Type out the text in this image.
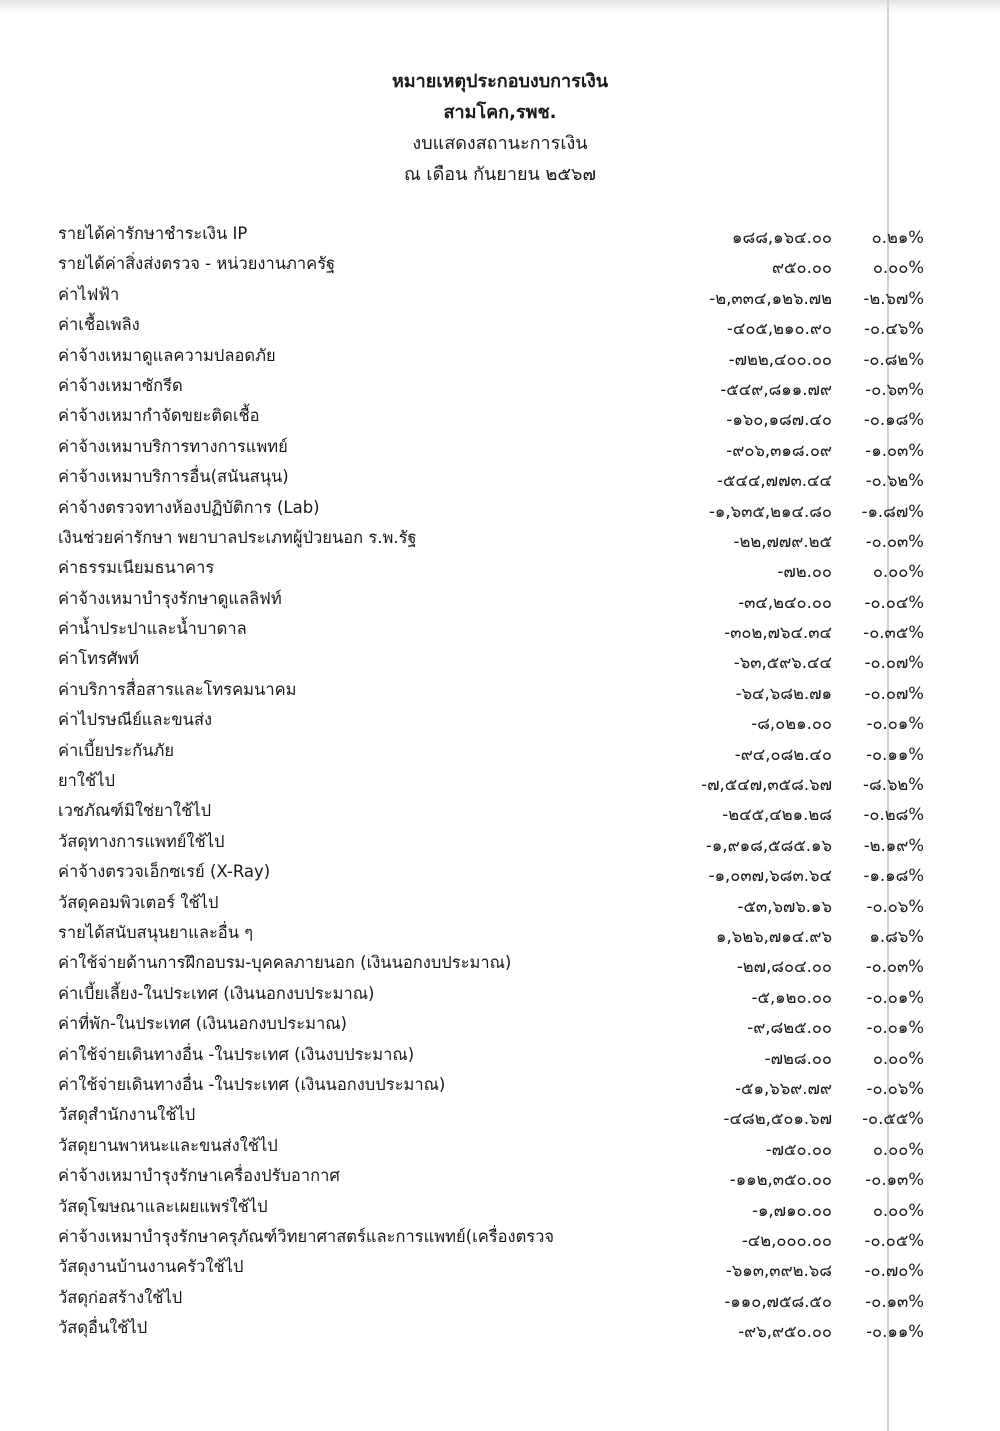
หมายเหตุประกอบงบการเงิน
สามโคก,รพช.
งบแสดงสถานะการเงิน
ณ เดือน กันยายน ๒๕๖๗
รายได้ค่ารักษาชำระเงิน IP	๑๘๘,๑๖๔.๐๐ ๐.๒๑%
รายได้ค่าสิ่งส่งตรวจ - หน่วยงานภาครัฐ	๙๕๐.๐๐ ๐.๐๐%
ค่าไฟฟ้า	-๒,๓๓๔,๑๒๖.๗๒ -๒.๖๗%
ค่าเชื้อเพลิง	-๔๐๕,๒๑๐.๙๐ -๐.๔๖%
ค่าจ้างเหมาดูแลความปลอดภัย	-๗๒๒,๔๐๐.๐๐ -๐.๘๒%
ค่าจ้างเหมาซักรีด	-๕๔๙,๘๑๑.๗๙ -๐.๖๓%
ค่าจ้างเหมากำจัดขยะติดเชื้อ	-๑๖๐,๑๘๗.๔๐ -๐.๑๘%
ค่าจ้างเหมาบริการทางการแพทย์	-๙๐๖,๓๑๘.๐๙ -๑.๐๓%
ค่าจ้างเหมาบริการอื่น(สนันสนุน)	-๕๔๔,๗๗๓.๔๔ -๐.๖๒%
ค่าจ้างตรวจทางห้องปฏิบัติการ (Lab)	-๑,๖๓๕,๒๑๔.๘๐ -๑.๘๗%
เงินช่วยค่ารักษา พยาบาลประเภทผู้ป่วยนอก ร.พ.รัฐ	-๒๒,๗๗๙.๒๕ -๐.๐๓%
ค่าธรรมเนียมธนาคาร	-๗๒.๐๐ ๐.๐๐%
ค่าจ้างเหมาบำรุงรักษาดูแลลิฟท์	-๓๔,๒๔๐.๐๐ -๐.๐๔%
ค่าน้ำประปาและน้ำบาดาล	-๓๐๒,๗๖๔.๓๔ -๐.๓๕%
ค่าโทรศัพท์	-๖๓,๕๙๖.๔๔ -๐.๐๗%
ค่าบริการสื่อสารและโทรคมนาคม	-๖๔,๖๘๒.๗๑ -๐.๐๗%
ค่าไปรษณีย์และขนส่ง	-๘,๐๒๑.๐๐ -๐.๐๑%
ค่าเบี้ยประกันภัย	-๙๔,๐๘๒.๔๐ -๐.๑๑%
ยาใช้ไป	-๗,๕๔๗,๓๕๘.๖๗ -๘.๖๒%
เวชภัณฑ์มิใช่ยาใช้ไป	-๒๔๕,๔๒๑.๒๘ -๐.๒๘%
วัสดุทางการแพทย์ใช้ไป	-๑,๙๑๘,๕๘๕.๑๖ -๒.๑๙%
ค่าจ้างตรวจเอ็กซเรย์ (X-Ray)	-๑,๐๓๗,๖๘๓.๖๔ -๑.๑๘%
วัสดุคอมพิวเตอร์ ใช้ไป	-๕๓,๖๗๖.๑๖ -๐.๐๖%
รายได้สนับสนุนยาและอื่น ๆ	๑,๖๒๖,๗๑๔.๙๖ ๑.๘๖%
ค่าใช้จ่ายด้านการฝึกอบรม-บุคคลภายนอก (เงินนอกงบประมาณ)	-๒๗,๘๐๔.๐๐ -๐.๐๓%
ค่าเบี้ยเลี้ยง-ในประเทศ (เงินนอกงบประมาณ)	-๕,๑๒๐.๐๐ -๐.๐๑%
ค่าที่พัก-ในประเทศ (เงินนอกงบประมาณ)	-๙,๘๒๕.๐๐ -๐.๐๑%
ค่าใช้จ่ายเดินทางอื่น -ในประเทศ (เงินงบประมาณ)	-๗๒๘.๐๐ ๐.๐๐%
ค่าใช้จ่ายเดินทางอื่น -ในประเทศ (เงินนอกงบประมาณ)	-๕๑,๖๖๙.๗๙ -๐.๐๖%
วัสดุสำนักงานใช้ไป	-๔๘๒,๕๐๑.๖๗ -๐.๕๕%
วัสดุยานพาหนะและขนส่งใช้ไป	-๗๕๐.๐๐ ๐.๐๐%
ค่าจ้างเหมาบำรุงรักษาเครื่องปรับอากาศ	-๑๑๒,๓๕๐.๐๐ -๐.๑๓%
วัสดุโฆษณาและเผยแพร่ใช้ไป	-๑,๗๑๐.๐๐ ๐.๐๐%
ค่าจ้างเหมาบำรุงรักษาครุภัณฑ์วิทยาศาสตร์และการแพทย์(เครื่องตรวจ	-๔๒,๐๐๐.๐๐ -๐.๐๕%
วัสดุงานบ้านงานครัวใช้ไป	-๖๑๓,๓๙๒.๖๘ -๐.๗๐%
วัสดุก่อสร้างใช้ไป	-๑๑๐,๗๕๘.๕๐ -๐.๑๓%
วัสดุอื่นใช้ไป	-๙๖,๙๕๐.๐๐ -๐.๑๑%
